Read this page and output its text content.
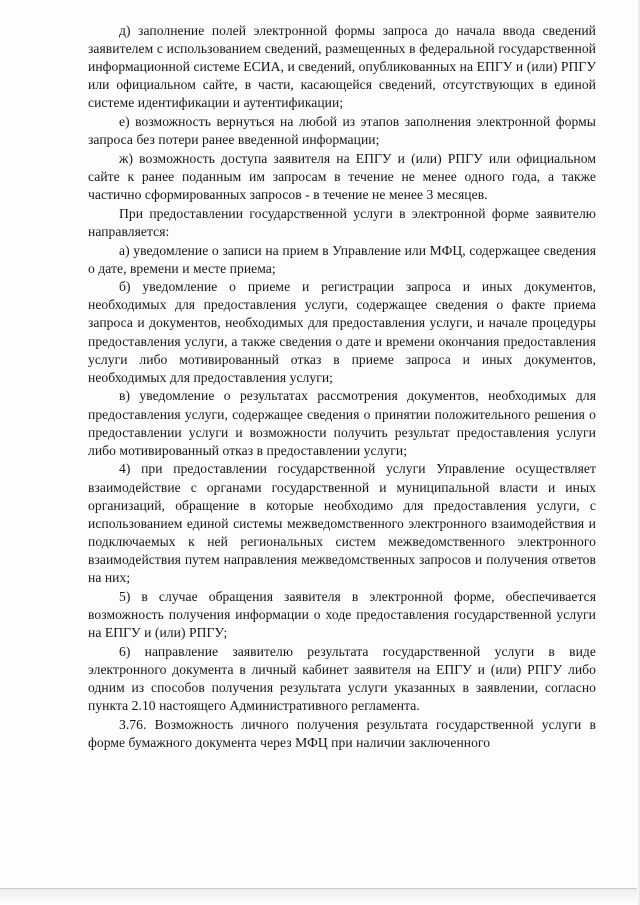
д) заполнение полей электронной формы запроса до начала ввода сведений заявителем с использованием сведений, размещенных в федеральной государственной информационной системе ЕСИА, и сведений, опубликованных на ЕПГУ и (или) РПГУ или официальном сайте, в части, касающейся сведений, отсутствующих в единой системе идентификации и аутентификации;

е) возможность вернуться на любой из этапов заполнения электронной формы запроса без потери ранее введенной информации;

ж) возможность доступа заявителя на ЕПГУ и (или) РПГУ или официальном сайте к ранее поданным им запросам в течение не менее одного года, а также частично сформированных запросов - в течение не менее 3 месяцев.

При предоставлении государственной услуги в электронной форме заявителю направляется:

а) уведомление о записи на прием в Управление или МФЦ, содержащее сведения о дате, времени и месте приема;

б) уведомление о приеме и регистрации запроса и иных документов, необходимых для предоставления услуги, содержащее сведения о факте приема запроса и документов, необходимых для предоставления услуги, и начале процедуры предоставления услуги, а также сведения о дате и времени окончания предоставления услуги либо мотивированный отказ в приеме запроса и иных документов, необходимых для предоставления услуги;

в) уведомление о результатах рассмотрения документов, необходимых для предоставления услуги, содержащее сведения о принятии положительного решения о предоставлении услуги и возможности получить результат предоставления услуги либо мотивированный отказ в предоставлении услуги;

4) при предоставлении государственной услуги Управление осуществляет взаимодействие с органами государственной и муниципальной власти и иных организаций, обращение в которые необходимо для предоставления услуги, с использованием единой системы межведомственного электронного взаимодействия и подключаемых к ней региональных систем межведомственного электронного взаимодействия путем направления межведомственных запросов и получения ответов на них;

5) в случае обращения заявителя в электронной форме, обеспечивается возможность получения информации о ходе предоставления государственной услуги на ЕПГУ и (или) РПГУ;

6) направление заявителю результата государственной услуги в виде электронного документа в личный кабинет заявителя на ЕПГУ и (или) РПГУ либо одним из способов получения результата услуги указанных в заявлении, согласно пункта 2.10 настоящего Административного регламента.

3.76. Возможность личного получения результата государственной услуги в форме бумажного документа через МФЦ при наличии заключенного
